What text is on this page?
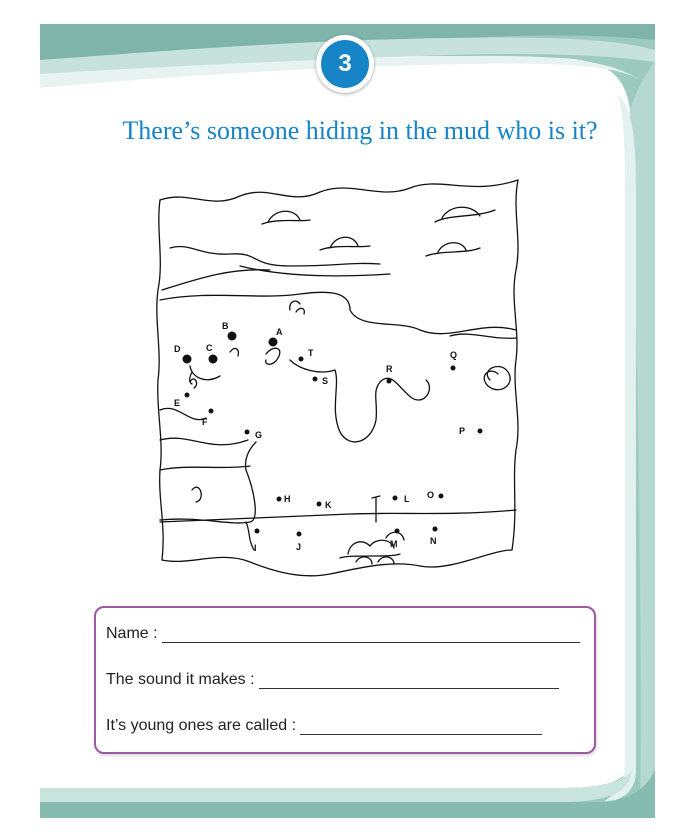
3
There’s someone hiding in the mud who is it?
A
B
C
D
E
F
G
H
I	J
K
L
M	N
O
P
Q
R
S
T
Name :
The sound it makes :
It’s young ones are called :
